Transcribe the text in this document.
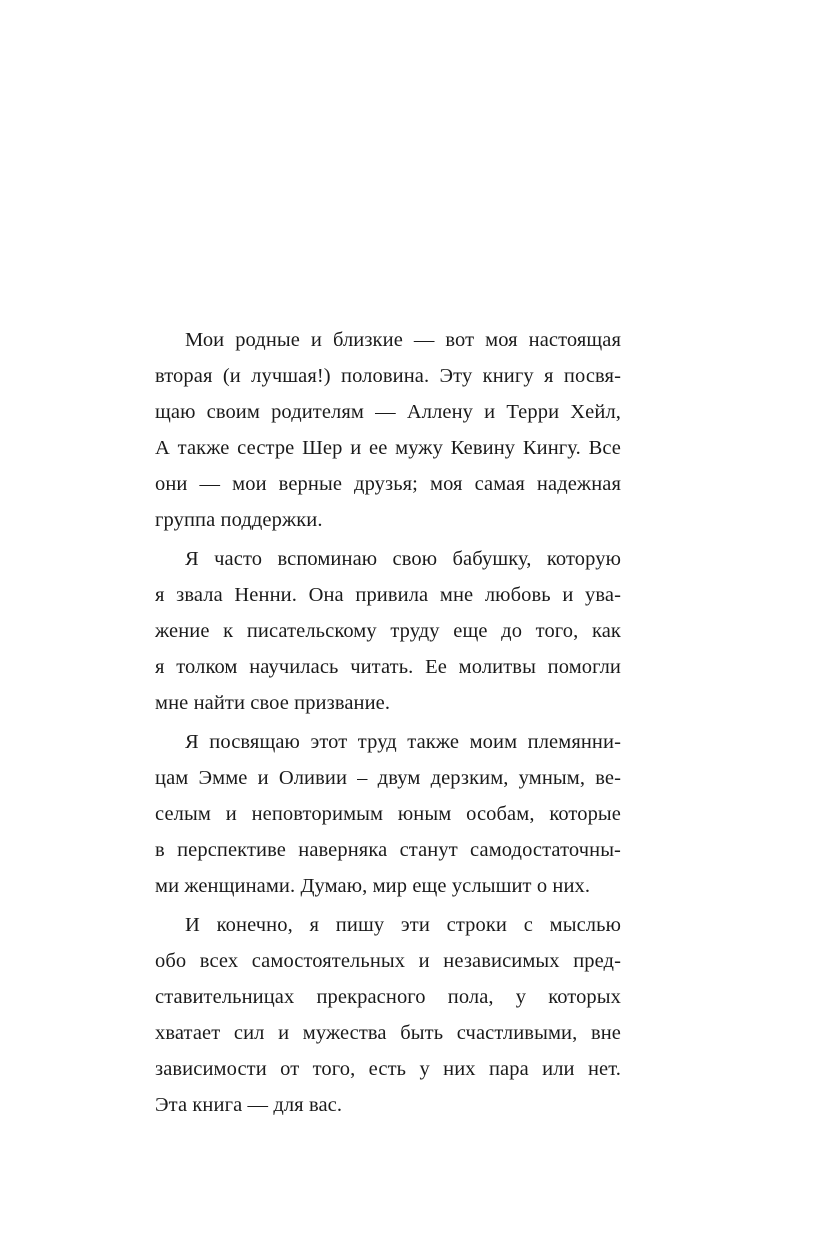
Мои родные и близкие — вот моя настоящая
вторая (и лучшая!) половина. Эту книгу я посвя-
щаю своим родителям — Аллену и Терри Хейл,
А также сестре Шер и ее мужу Кевину Кингу. Все
они — мои верные друзья; моя самая надежная
группа поддержки.
Я часто вспоминаю свою бабушку, которую
я звала Ненни. Она привила мне любовь и ува-
жение к писательскому труду еще до того, как
я толком научилась читать. Ее молитвы помогли
мне найти свое призвание.
Я посвящаю этот труд также моим племянни-
цам Эмме и Оливии – двум дерзким, умным, ве-
селым и неповторимым юным особам, которые
в перспективе наверняка станут самодостаточны-
ми женщинами. Думаю, мир еще услышит о них.
И конечно, я пишу эти строки с мыслью
обо всех самостоятельных и независимых пред-
ставительницах прекрасного пола, у которых
хватает сил и мужества быть счастливыми, вне
зависимости от того, есть у них пара или нет.
Эта книга — для вас.
